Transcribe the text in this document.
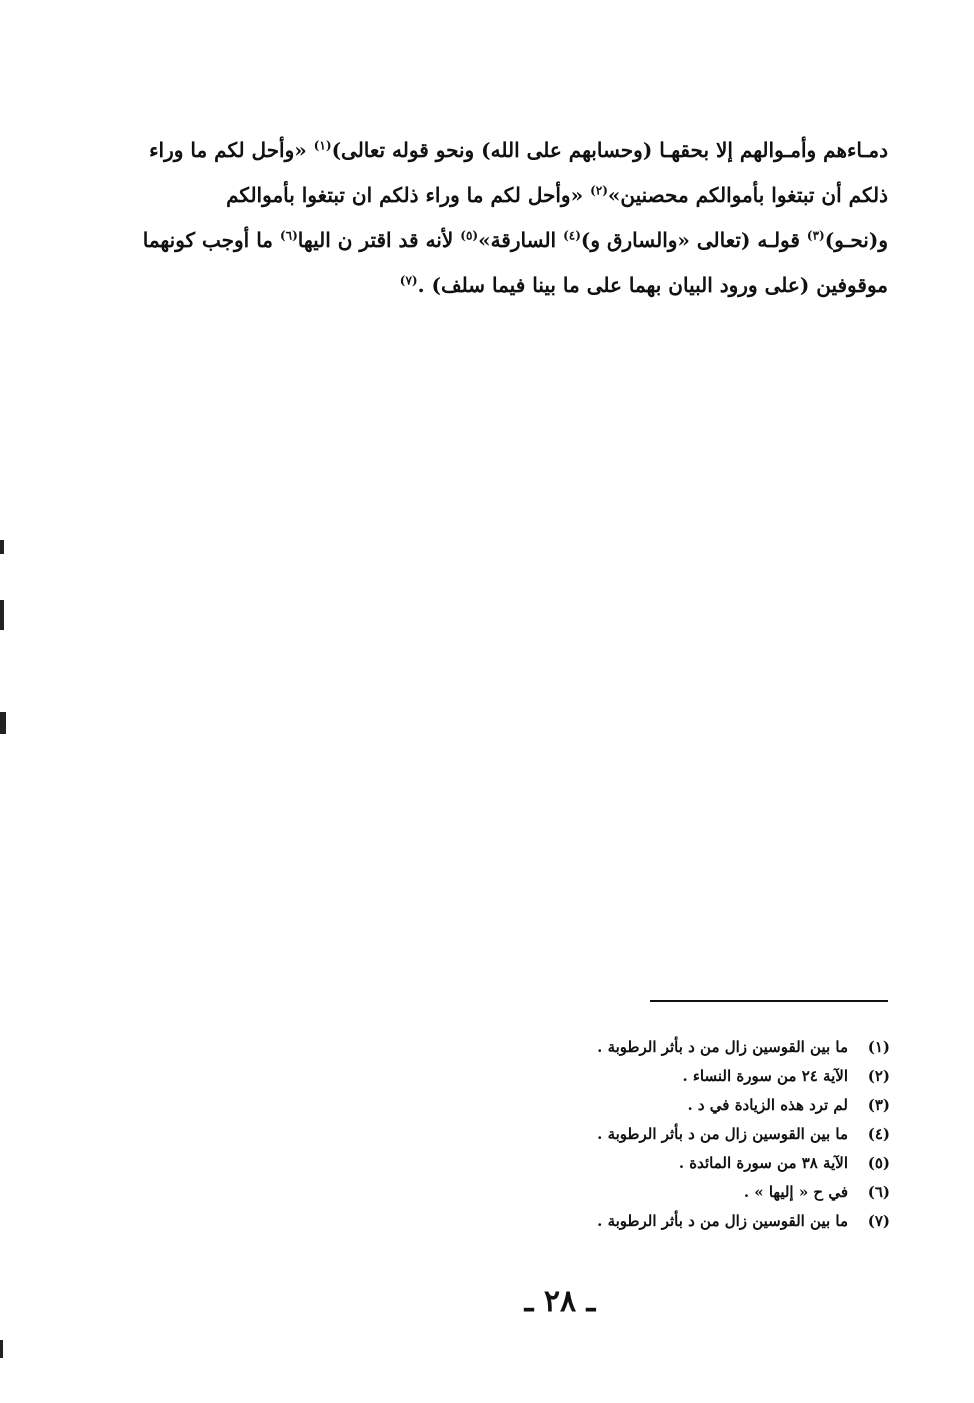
دمـاءهم وأمـوالهم إلا بحقهـا (وحسابهم على الله) ونحو قوله تعالى)$^{(١)}$ «وأحل لكم ما وراء
ذلكم أن تبتغوا بأموالكم محصنين»$^{(٢)}$ «وأحل لكم ما وراء ذلكم ان تبتغوا بأموالكم
و(نحـو)$^{(٣)}$ قولـه (تعالى «والسارق و)$^{(٤)}$ السارقة»$^{(٥)}$ لأنه قد اقتر ن اليها$^{(٦)}$ ما أوجب كونهما
موقوفين (على ورود البيان بهما على ما بينا فيما سلف) .$^{(٧)}$
(١)
ما بين القوسين زال من د بأثر الرطوبة .
(٢)
الآية ٢٤ من سورة النساء .
(٣)
لم ترد هذه الزيادة في د .
(٤)
ما بين القوسين زال من د بأثر الرطوبة .
(٥)
الآية ٣٨ من سورة المائدة .
(٦)
في ح « إليها » .
(٧)
ما بين القوسين زال من د بأثر الرطوبة .
ـ ٢٨ ـ
